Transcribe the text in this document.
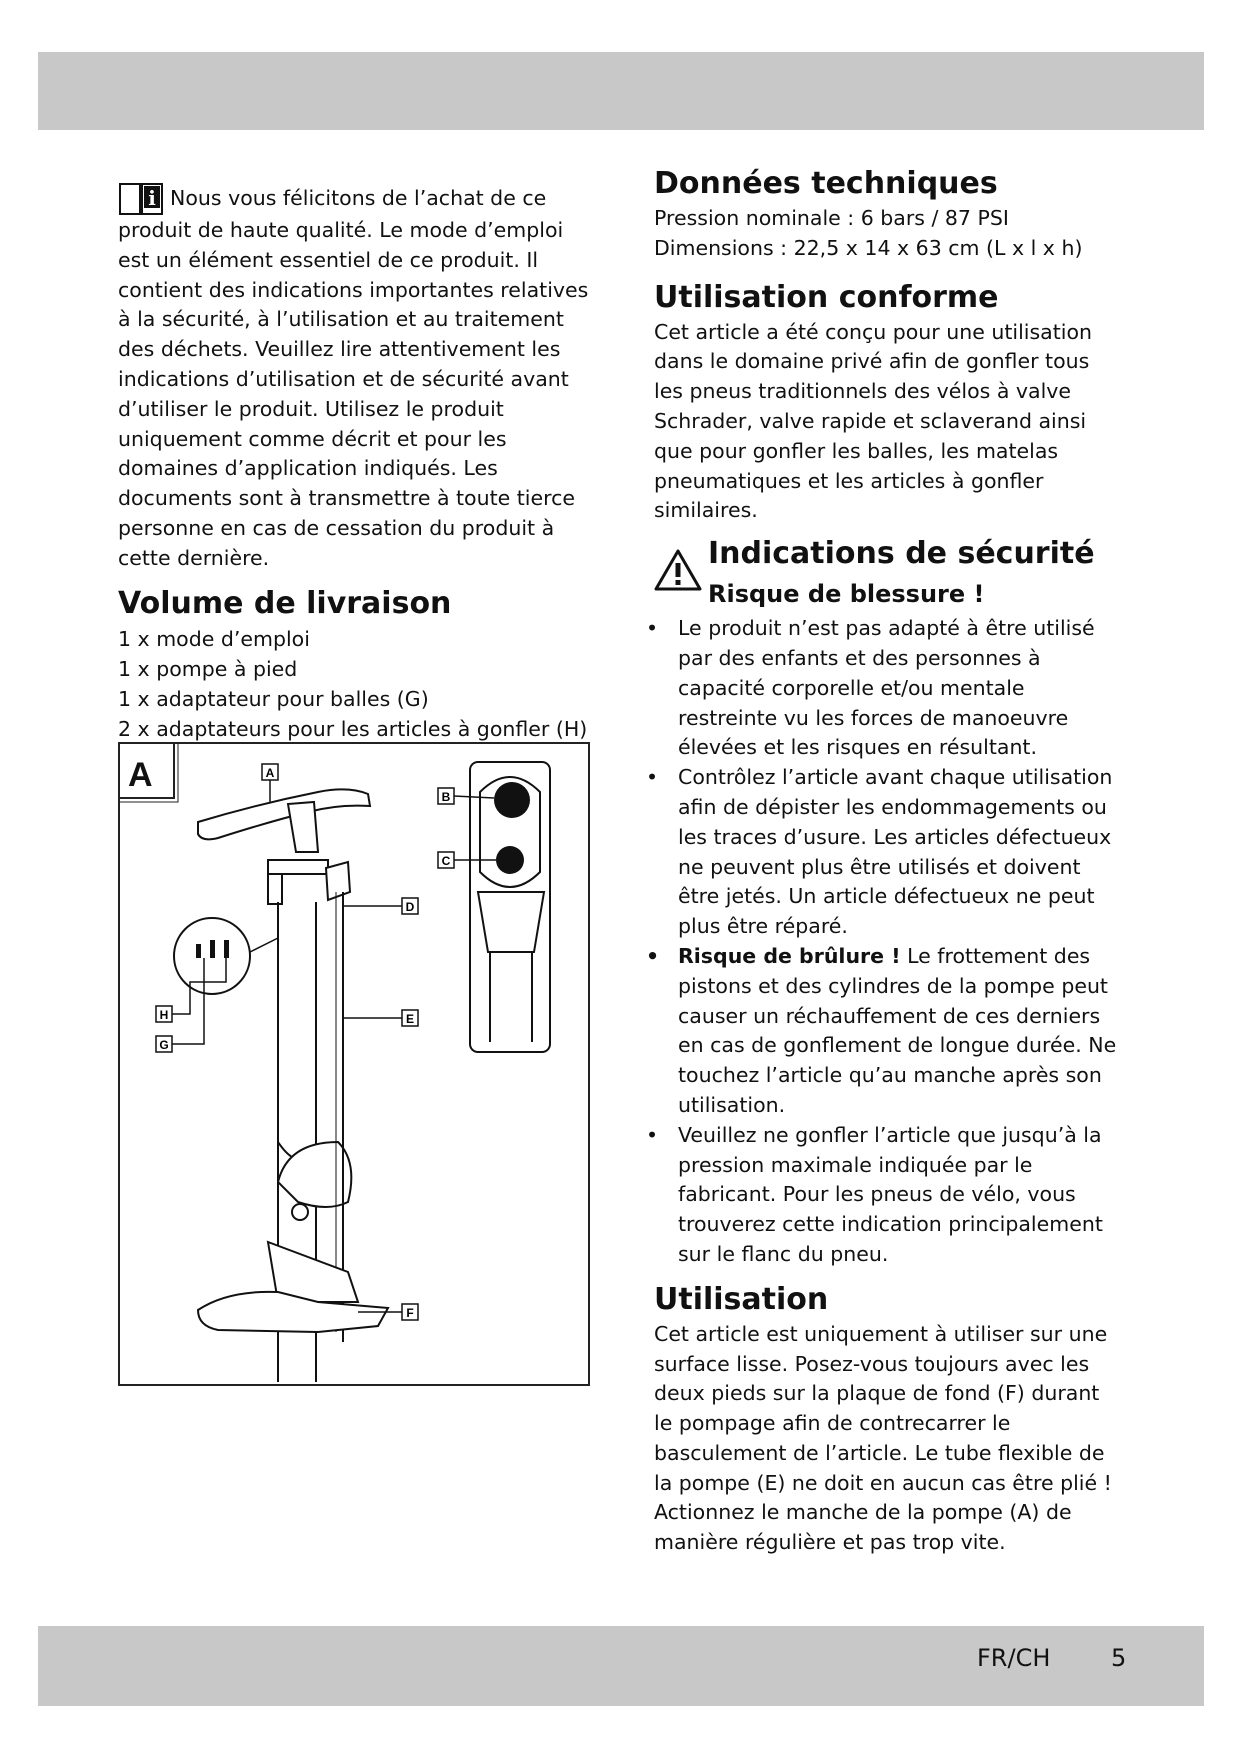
i Nous vous félicitons de l’achat de ce

produit de haute qualité. Le mode d’emploi est un élément essentiel de ce produit. Il contient des indications importantes relatives à la sécurité, à l’utilisation et au traitement des déchets. Veuillez lire attentivement les indications d’utilisation et de sécurité avant d’utiliser le produit. Utilisez le produit uniquement comme décrit et pour les domaines d’application indiqués. Les documents sont à transmettre à toute tierce personne en cas de cessation du produit à cette dernière.

Volume de livraison

1 x mode d’emploi

1 x pompe à pied

1 x adaptateur pour balles (G)

2 x adaptateurs pour les articles à gonfler (H)

A	A
B
C
D
E
F
G
H
Données techniques

Pression nominale : 6 bars / 87 PSI

Dimensions : 22,5 x 14 x 63 cm (L x l x h)

Utilisation conforme

Cet article a été conçu pour une utilisation dans le domaine privé afin de gonfler tous les pneus traditionnels des vélos à valve Schrader, valve rapide et sclaverand ainsi que pour gonfler les balles, les matelas pneumatiques et les articles à gonfler similaires.

Indications de sécurité

Risque de blessure !

• Le produit n’est pas adapté à être utilisé par des enfants et des personnes à capacité corporelle et/ou mentale restreinte vu les forces de manoeuvre élevées et les risques en résultant.
• Contrôlez l’article avant chaque utilisation afin de dépister les endommagements ou les traces d’usure. Les articles défectueux ne peuvent plus être utilisés et doivent être jetés. Un article défectueux ne peut plus être réparé.
• Risque de brûlure ! Le frottement des pistons et des cylindres de la pompe peut causer un réchauffement de ces derniers en cas de gonflement de longue durée. Ne touchez l’article qu’au manche après son utilisation.
• Veuillez ne gonfler l’article que jusqu’à la pression maximale indiquée par le fabricant. Pour les pneus de vélo, vous trouverez cette indication principalement sur le flanc du pneu.
Utilisation

Cet article est uniquement à utiliser sur une surface lisse. Posez-vous toujours avec les deux pieds sur la plaque de fond (F) durant le pompage afin de contrecarrer le basculement de l’article. Le tube flexible de la pompe (E) ne doit en aucun cas être plié ! Actionnez le manche de la pompe (A) de manière régulière et pas trop vite.

FR/CH	5
